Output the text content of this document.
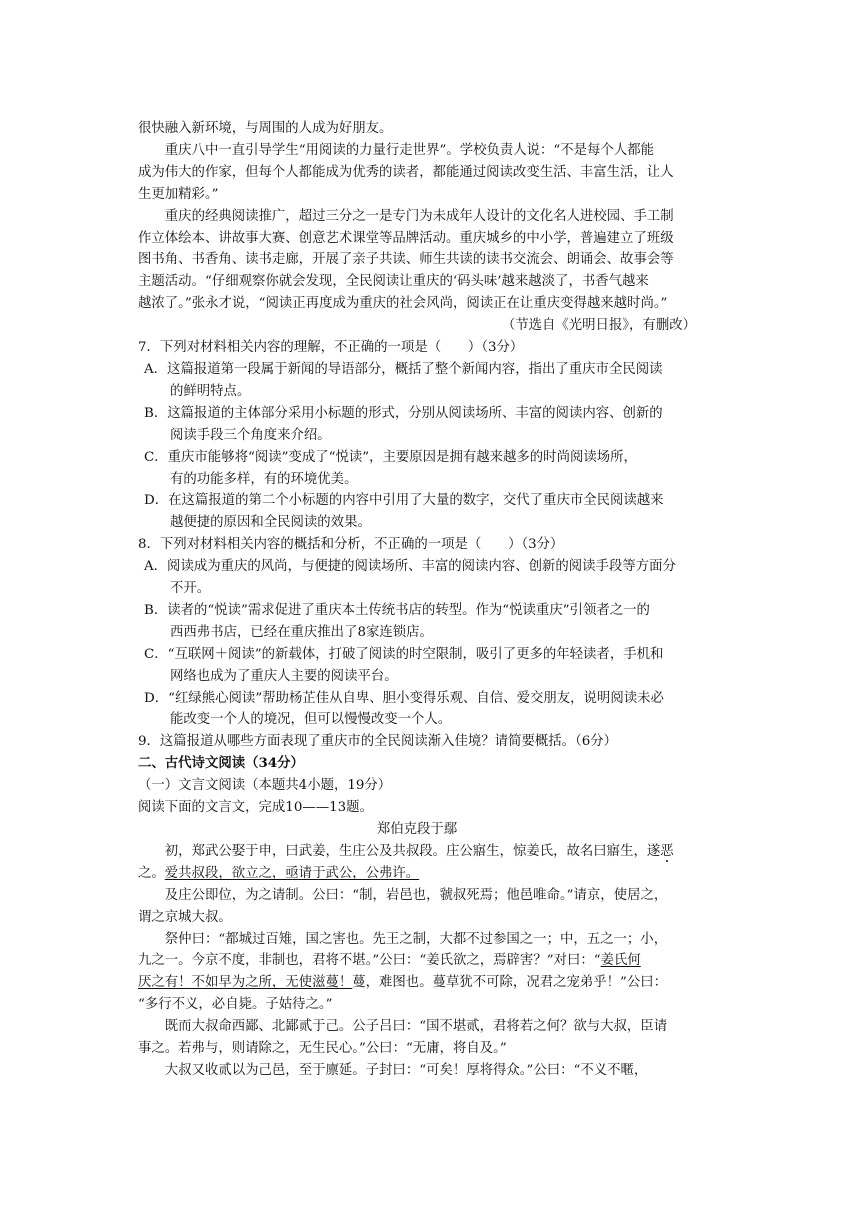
很快融入新环境，与周围的人成为好朋友。

重庆八中一直引导学生“用阅读的力量行走世界”。学校负责人说：“不是每个人都能

成为伟大的作家，但每个人都能成为优秀的读者，都能通过阅读改变生活、丰富生活，让人

生更加精彩。”

重庆的经典阅读推广，超过三分之一是专门为未成年人设计的文化名人进校园、手工制

作立体绘本、讲故事大赛、创意艺术课堂等品牌活动。重庆城乡的中小学，普遍建立了班级

图书角、书香角、读书走廊，开展了亲子共读、师生共读的读书交流会、朗诵会、故事会等

主题活动。“仔细观察你就会发现，全民阅读让重庆的‘码头味’越来越淡了，书香气越来

越浓了。”张永才说，“阅读正再度成为重庆的社会风尚，阅读正在让重庆变得越来越时尚。”

（节选自《光明日报》，有删改）

7．下列对材料相关内容的理解，不正确的一项是（　　）（3分）

A．这篇报道第一段属于新闻的导语部分，概括了整个新闻内容，指出了重庆市全民阅读

的鲜明特点。

B．这篇报道的主体部分采用小标题的形式，分别从阅读场所、丰富的阅读内容、创新的

阅读手段三个角度来介绍。

C．重庆市能够将“阅读”变成了“悦读”，主要原因是拥有越来越多的时尚阅读场所，

有的功能多样，有的环境优美。

D．在这篇报道的第二个小标题的内容中引用了大量的数字，交代了重庆市全民阅读越来

越便捷的原因和全民阅读的效果。

8．下列对材料相关内容的概括和分析，不正确的一项是（　　）（3分）

A．阅读成为重庆的风尚，与便捷的阅读场所、丰富的阅读内容、创新的阅读手段等方面分

不开。

B．读者的“悦读”需求促进了重庆本土传统书店的转型。作为“悦读重庆”引领者之一的

西西弗书店，已经在重庆推出了8家连锁店。

C．“互联网＋阅读”的新载体，打破了阅读的时空限制，吸引了更多的年轻读者，手机和

网络也成为了重庆人主要的阅读平台。

D．“红绿熊心阅读”帮助杨芷佳从自卑、胆小变得乐观、自信、爱交朋友，说明阅读未必

能改变一个人的境况，但可以慢慢改变一个人。

9．这篇报道从哪些方面表现了重庆市的全民阅读渐入佳境？请简要概括。（6分）

二、古代诗文阅读（34分）

（一）文言文阅读（本题共4小题，19分）

阅读下面的文言文，完成10——13题。

郑伯克段于鄢

初，郑武公娶于申，曰武姜，生庄公及共叔段。庄公寤生，惊姜氏，故名曰寤生，遂恶

之。爱共叔段，欲立之，亟请于武公，公弗许。

及庄公即位，为之请制。公曰：“制，岩邑也，虢叔死焉；他邑唯命。”请京，使居之，

谓之京城大叔。

祭仲曰：“都城过百雉，国之害也。先王之制，大都不过参国之一；中，五之一；小，

九之一。今京不度，非制也，君将不堪。”公曰：“姜氏欲之，焉辟害？”对曰：“姜氏何

厌之有！不如早为之所，无使滋蔓！蔓，难图也。蔓草犹不可除，况君之宠弟乎！”公曰：

“多行不义，必自毙。子姑待之。”

既而大叔命西鄙、北鄙贰于己。公子吕曰：“国不堪贰，君将若之何？欲与大叔，臣请

事之。若弗与，则请除之，无生民心。”公曰：“无庸，将自及。”

大叔又收贰以为己邑，至于廪延。子封曰：“可矣！厚将得众。”公曰：“不义不暱，
